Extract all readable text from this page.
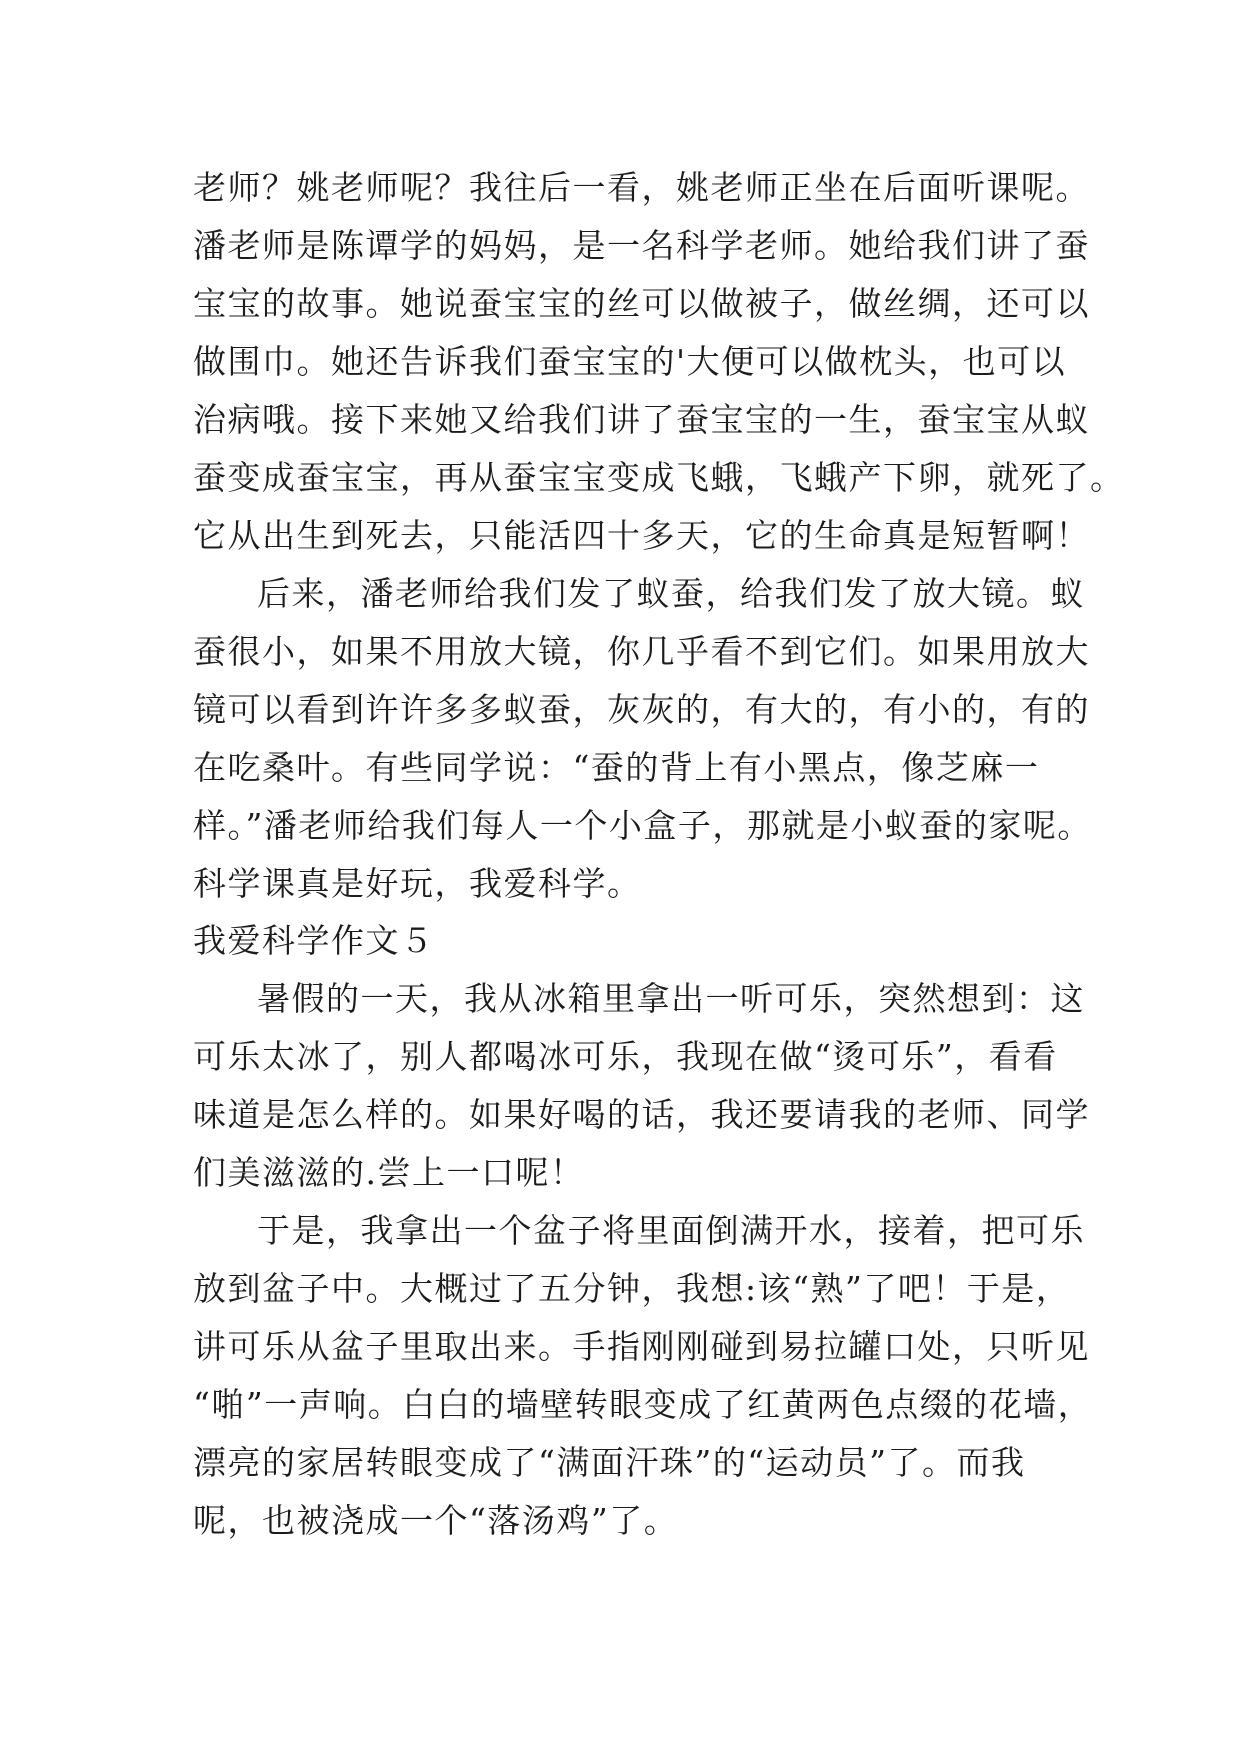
老师？姚老师呢？我往后一看，姚老师正坐在后面听课呢。

潘老师是陈谭学的妈妈，是一名科学老师。她给我们讲了蚕

宝宝的故事。她说蚕宝宝的丝可以做被子，做丝绸，还可以

做围巾。她还告诉我们蚕宝宝的'大便可以做枕头，也可以

治病哦。接下来她又给我们讲了蚕宝宝的一生，蚕宝宝从蚁

蚕变成蚕宝宝，再从蚕宝宝变成飞蛾，飞蛾产下卵，就死了。

它从出生到死去，只能活四十多天，它的生命真是短暂啊！

后来，潘老师给我们发了蚁蚕，给我们发了放大镜。蚁

蚕很小，如果不用放大镜，你几乎看不到它们。如果用放大

镜可以看到许许多多蚁蚕，灰灰的，有大的，有小的，有的

在吃桑叶。有些同学说：“蚕的背上有小黑点，像芝麻一

样。”潘老师给我们每人一个小盒子，那就是小蚁蚕的家呢。

科学课真是好玩，我爱科学。

我爱科学作文５

暑假的一天，我从冰箱里拿出一听可乐，突然想到：这

可乐太冰了，别人都喝冰可乐，我现在做“烫可乐”，看看

味道是怎么样的。如果好喝的话，我还要请我的老师、同学

们美滋滋的.尝上一口呢！

于是，我拿出一个盆子将里面倒满开水，接着，把可乐

放到盆子中。大概过了五分钟，我想:该“熟”了吧！于是，

讲可乐从盆子里取出来。手指刚刚碰到易拉罐口处，只听见

“啪”一声响。白白的墙壁转眼变成了红黄两色点缀的花墙，

漂亮的家居转眼变成了“满面汗珠”的“运动员”了。而我

呢，也被浇成一个“落汤鸡”了。
